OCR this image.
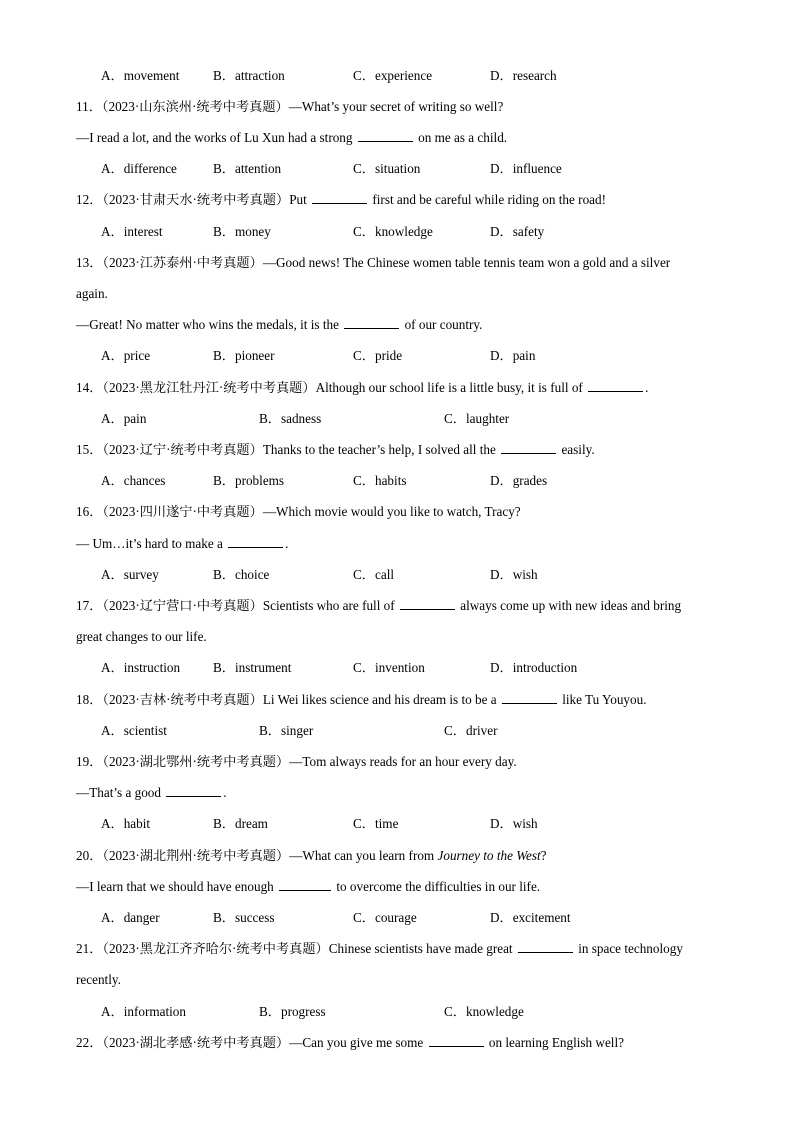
A．movement	B．attraction	C．experience	D．research
11．（2023·山东滨州·统考中考真题）—What’s your secret of writing so well?
—I read a lot, and the works of Lu Xun had a strong	on me as a child.
A．difference	B．attention	C．situation	D．influence
12．（2023·甘肃天水·统考中考真题）Put	first and be careful while riding on the road!
A．interest	B．money	C．knowledge	D．safety
13．（2023·江苏泰州·中考真题）—Good news! The Chinese women table tennis team won a gold and a silver
again.
—Great! No matter who wins the medals, it is the	of our country.
A．price	B．pioneer	C．pride	D．pain
14．（2023·黑龙江牡丹江·统考中考真题）Although our school life is a little busy, it is full of	.
A．pain	B．sadness	C．laughter
15．（2023·辽宁·统考中考真题）Thanks to the teacher’s help, I solved all the	easily.
A．chances	B．problems	C．habits	D．grades
16．（2023·四川遂宁·中考真题）—Which movie would you like to watch, Tracy?
— Um…it’s hard to make a	.
A．survey	B．choice	C．call	D．wish
17．（2023·辽宁营口·中考真题）Scientists who are full of	always come up with new ideas and bring
great changes to our life.
A．instruction B．instrument	C．invention	D．introduction
18．（2023·吉林·统考中考真题）Li Wei likes science and his dream is to be a	like Tu Youyou.
A．scientist	B．singer	C．driver
19．（2023·湖北鄂州·统考中考真题）—Tom always reads for an hour every day.
—That’s a good	.
A．habit	B．dream	C．time	D．wish
20．（2023·湖北荆州·统考中考真题）—What can you learn from Journey to the West?
—I learn that we should have enough	to overcome the difficulties in our life.
A．danger	B．success	C．courage	D．excitement
21．（2023·黑龙江齐齐哈尔·统考中考真题）Chinese scientists have made great	in space technology
recently.
A．information	B．progress	C．knowledge
22．（2023·湖北孝感·统考中考真题）—Can you give me some	on learning English well?
